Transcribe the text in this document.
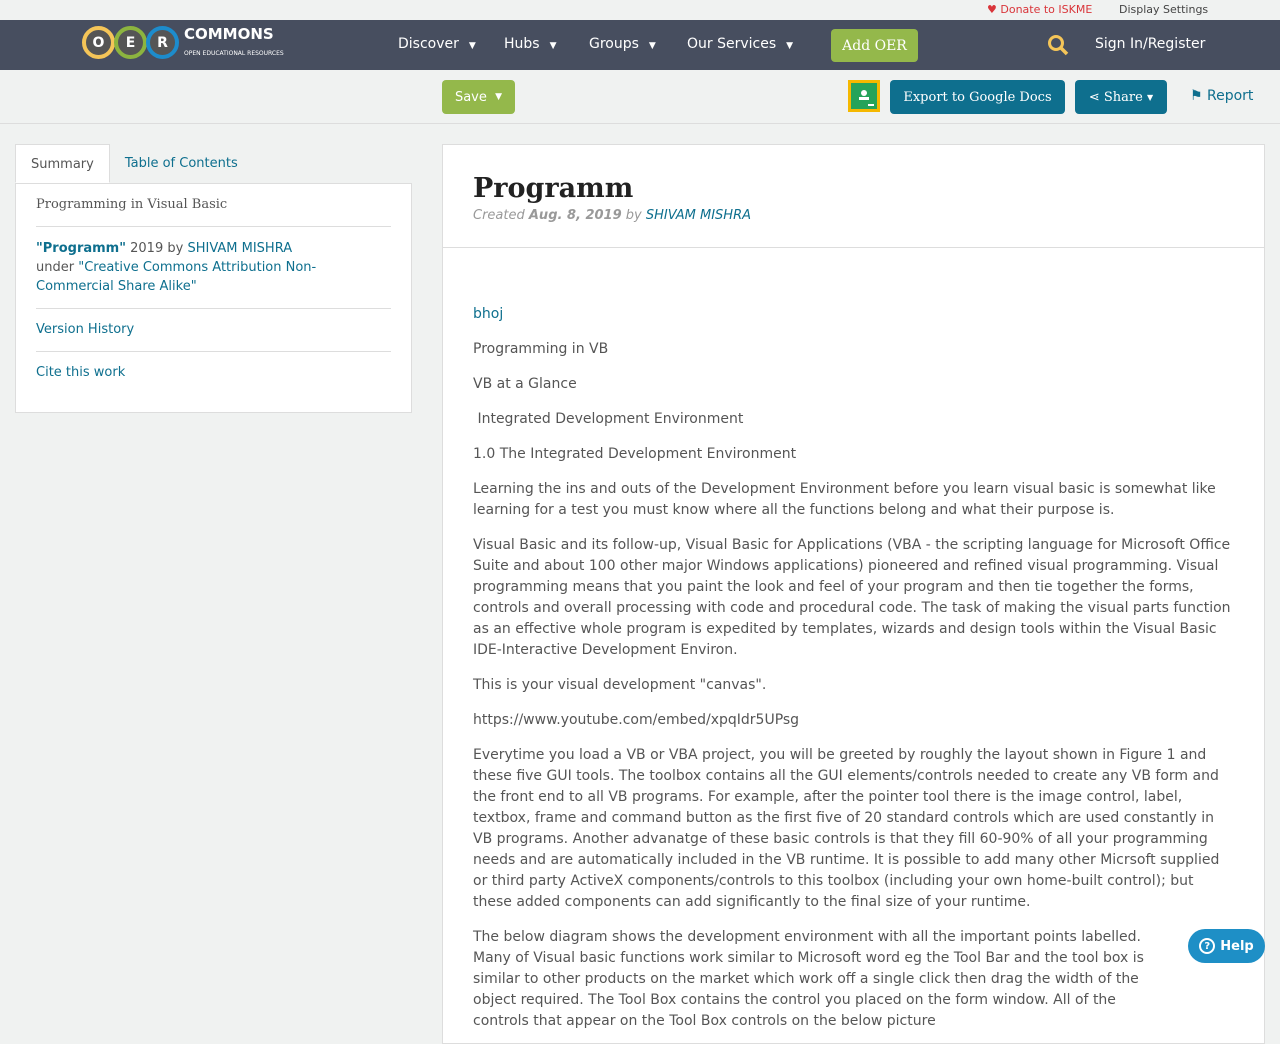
♥ Donate to ISKME Display Settings
O	E	R	COMMONS
OPEN EDUCATIONAL RESOURCES
Discover ▼ Hubs ▼ Groups ▼ Our Services ▼	Add OER	Sign In/Register
Save
▼	Export to Google Docs	⋖
Share
▼	⚑ Report
Summary	Table of Contents
Programming in Visual Basic
"Programm" 2019 by SHIVAM MISHRA
under "Creative Commons Attribution Non-Commercial Share Alike"
Version History
Cite this work
Programm
Created Aug. 8, 2019 by SHIVAM MISHRA

bhoj

Programming in VB

VB at a Glance

Integrated Development Environment

1.0 The Integrated Development Environment

Learning the ins and outs of the Development Environment before you learn visual basic is somewhat like learning for a test you must know where all the functions belong and what their purpose is.

Visual Basic and its follow-up, Visual Basic for Applications (VBA - the scripting language for Microsoft Office Suite and about 100 other major Windows applications) pioneered and refined visual programming. Visual programming means that you paint the look and feel of your program and then tie together the forms, controls and overall processing with code and procedural code. The task of making the visual parts function as an effective whole program is expedited by templates, wizards and design tools within the Visual Basic IDE-Interactive Development Environ.

This is your visual development "canvas".

https://www.youtube.com/embed/xpqIdr5UPsg

Everytime you load a VB or VBA project, you will be greeted by roughly the layout shown in Figure 1 and these five GUI tools. The toolbox contains all the GUI elements/controls needed to create any VB form and the front end to all VB programs. For example, after the pointer tool there is the image control, label, textbox, frame and command button as the first five of 20 standard controls which are used constantly in VB programs. Another advanatge of these basic controls is that they fill 60-90% of all your programming needs and are automatically included in the VB runtime. It is possible to add many other Micrsoft supplied or third party ActiveX components/controls to this toolbox (including your own home-built control); but these added components can add significantly to the final size of your runtime.

The below diagram shows the development environment with all the important points labelled. Many of Visual basic functions work similar to Microsoft word eg the Tool Bar and the tool box is similar to other products on the market which work off a single click then drag the width of the object required. The Tool Box contains the control you placed on the form window. All of the controls that appear on the Tool Box controls on the below picture

? Help
